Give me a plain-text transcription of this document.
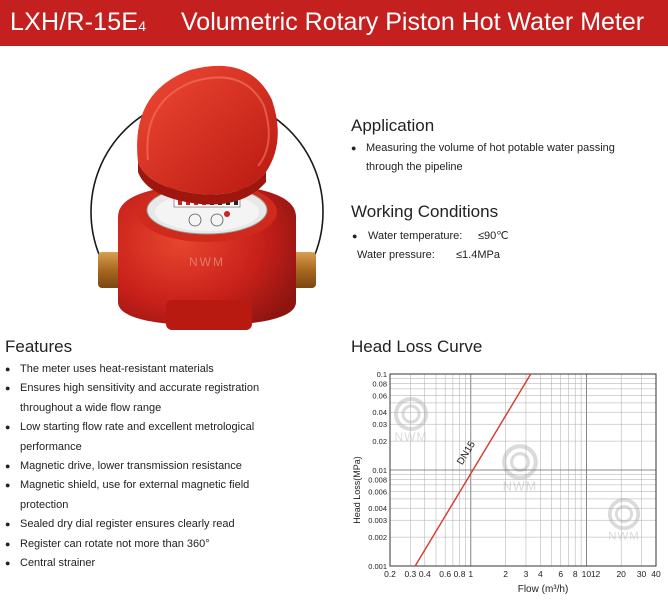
LXH/$R-15E_4$ Volumetric Rotary Piston Hot Water Meter
NWM
Application
● Measuring the volume of hot potable water passing
through the pipeline
Working Conditions
● Water temperature: ≤90℃
Water pressure: ≤1.4MPa
Features
● The meter uses heat-resistant materials
● Ensures high sensitivity and accurate registration
throughout a wide flow range
● Low starting flow rate and excellent metrological
performance
● Magnetic drive, lower transmission resistance
● Magnetic shield, use for external magnetic field
protection
● Sealed dry dial register ensures clearly read
● Register can rotate not more than 360°
● Central strainer
Head Loss Curve
NWM
NWM
NWM
0.2 0.3 0.4 0.6 0.8 1	2 3 4 6 8 10 12 20 30 40
0.001
0.002
0.003
0.004
0.006
0.008
0.01
0.02
0.03
0.04
0.06
0.08
0.1
DN15
Flow (m³/h)
Head Loss(MPa)
